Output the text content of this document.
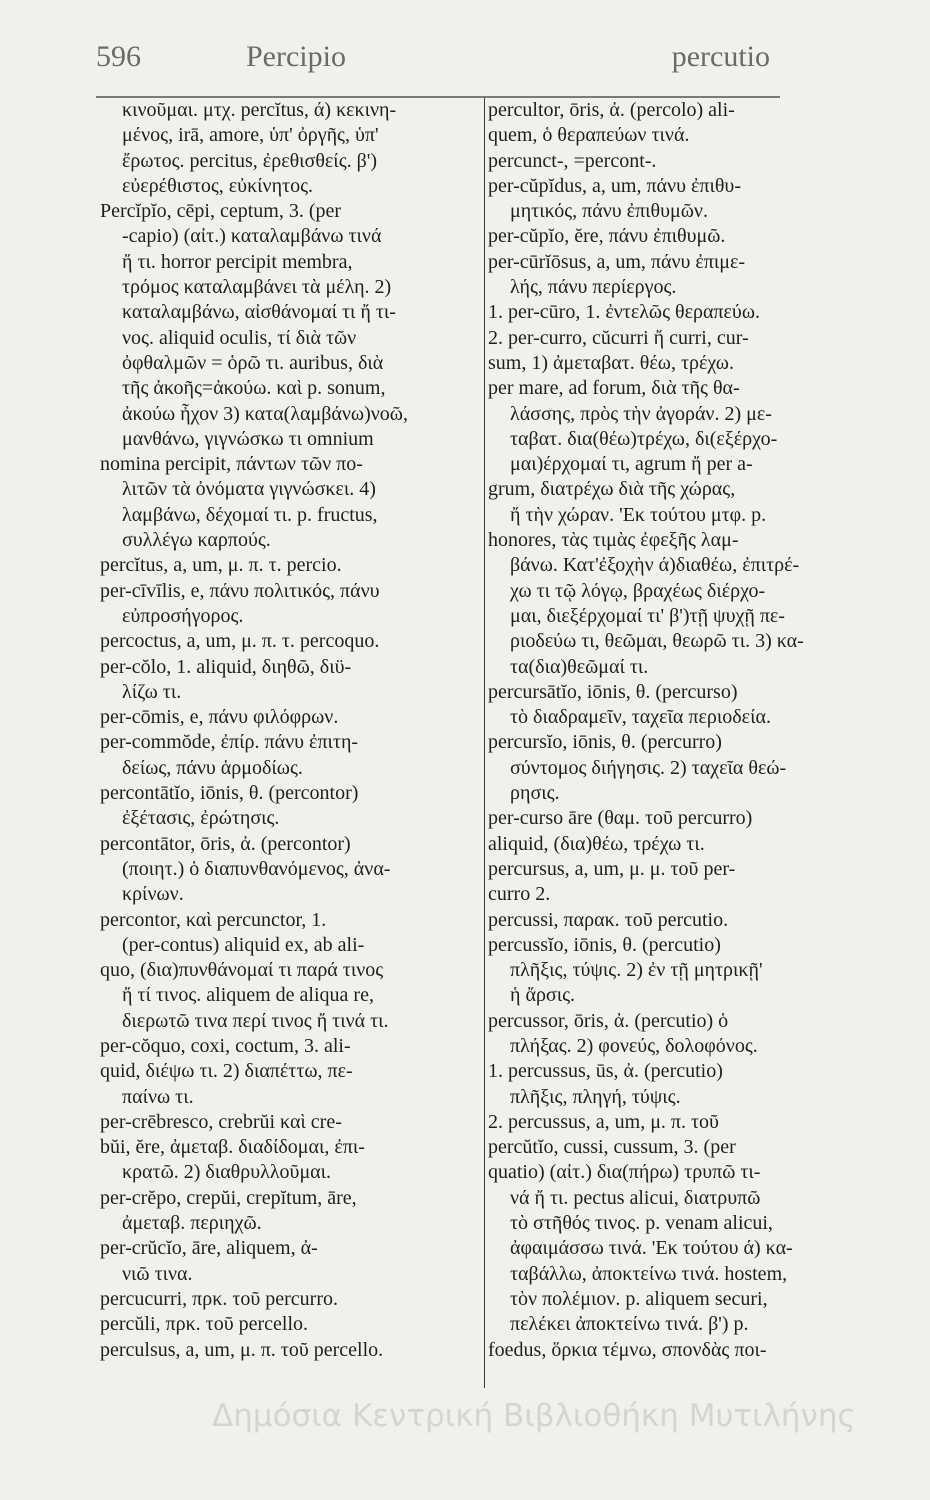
596	Percipio	percutio
κινοῦμαι. μτχ. percĭtus, ά) κεκινη-
μένος, irā, amore, ὑπ' ὀργῆς, ὑπ'
ἔρωτος. percitus, ἐρεθισθείς. β')
εὐερέθιστος, εὐκίνητος.
Percĭpĭo, cēpi, ceptum, 3. (per
-capio) (αἰτ.) καταλαμβάνω τινά
ἤ τι. horror percipit membra,
τρόμος καταλαμβάνει τὰ μέλη. 2)
καταλαμβάνω, αἰσθάνομαί τι ἤ τι-
νος. aliquid oculis, τί διὰ τῶν
ὀφθαλμῶν = ὁρῶ τι. auribus, διὰ
τῆς ἀκοῆς=ἀκούω. καὶ p. sonum,
ἀκούω ἦχον 3) κατα(λαμβάνω)νοῶ,
μανθάνω, γιγνώσκω τι omnium
nomina percipit, πάντων τῶν πο-
λιτῶν τὰ ὀνόματα γιγνώσκει. 4)
λαμβάνω, δέχομαί τι. p. fructus,
συλλέγω καρπούς.
percĭtus, a, um, μ. π. τ. percio.
per-cīvīlis, e, πάνυ πολιτικός, πάνυ
εὐπροσήγορος.
percoctus, a, um, μ. π. τ. percoquo.
per-cŏlo, 1. aliquid, διηθῶ, διϋ-
λίζω τι.
per-cōmis, e, πάνυ φιλόφρων.
per-commŏde, ἐπίρ. πάνυ ἐπιτη-
δείως, πάνυ ἁρμοδίως.
percontātĭo, iōnis, θ. (percontor)
ἐξέτασις, ἐρώτησις.
percontātor, ōris, ἀ. (percontor)
(ποιητ.) ὁ διαπυνθανόμενος, ἀνα-
κρίνων.
percontor, καὶ percunctor, 1.
(per-contus) aliquid ex, ab ali-
quo, (δια)πυνθάνομαί τι παρά τινος
ἤ τί τινος. aliquem de aliqua re,
διερωτῶ τινα περί τινος ἤ τινά τι.
per-cŏquo, coxi, coctum, 3. ali-
quid, διέψω τι. 2) διαπέττω, πε-
παίνω τι.
per-crēbresco, crebrŭi καὶ cre-
bŭi, ĕre, ἀμεταβ. διαδίδομαι, ἐπι-
κρατῶ. 2) διαθρυλλοῦμαι.
per-crĕpo, crepŭi, crepĭtum, āre,
ἀμεταβ. περιηχῶ.
per-crŭcĭo, āre, aliquem, ἀ-
νιῶ τινα.
percucurri, πρκ. τοῦ percurro.
percŭli, πρκ. τοῦ percello.
perculsus, a, um, μ. π. τοῦ percello.
percultor, ōris, ἀ. (percolo) ali-
quem, ὁ θεραπεύων τινά.
percunct-, =percont-.
per-cŭpĭdus, a, um, πάνυ ἐπιθυ-
μητικός, πάνυ ἐπιθυμῶν.
per-cŭpĭo, ĕre, πάνυ ἐπιθυμῶ.
per-cūrĭōsus, a, um, πάνυ ἐπιμε-
λής, πάνυ περίεργος.
1. per-cūro, 1. ἐντελῶς θεραπεύω.
2. per-curro, cŭcurri ἤ curri, cur-
sum, 1) ἀμεταβατ. θέω, τρέχω.
per mare, ad forum, διὰ τῆς θα-
λάσσης, πρὸς τὴν ἀγοράν. 2) με-
ταβατ. δια(θέω)τρέχω, δι(εξέρχο-
μαι)έρχομαί τι, agrum ἤ per a-
grum, διατρέχω διὰ τῆς χώρας,
ἤ τὴν χώραν. 'Εκ τούτου μτφ. p.
honores, τὰς τιμὰς ἐφεξῆς λαμ-
βάνω. Κατ'ἐξοχὴν ά)διαθέω, ἐπιτρέ-
χω τι τῷ λόγῳ, βραχέως διέρχο-
μαι, διεξέρχομαί τι' β')τῇ ψυχῇ πε-
ριοδεύω τι, θεῶμαι, θεωρῶ τι. 3) κα-
τα(δια)θεῶμαί τι.
percursātĭo, iōnis, θ. (percurso)
τὸ διαδραμεῖν, ταχεῖα περιοδεία.
percursĭo, iōnis, θ. (percurro)
σύντομος διήγησις. 2) ταχεῖα θεώ-
ρησις.
per-curso āre (θαμ. τοῦ percurro)
aliquid, (δια)θέω, τρέχω τι.
percursus, a, um, μ. μ. τοῦ per-
curro 2.
percussi, παρακ. τοῦ percutio.
percussĭo, iōnis, θ. (percutio)
πλῆξις, τύψις. 2) ἐν τῇ μητρικῇ'
ἡ ἄρσις.
percussor, ōris, ἀ. (percutio) ὁ
πλήξας. 2) φονεύς, δολοφόνος.
1. percussus, ūs, ἀ. (percutio)
πλῆξις, πληγή, τύψις.
2. percussus, a, um, μ. π. τοῦ
percŭtĭo, cussi, cussum, 3. (per
quatio) (αἰτ.) δια(πήρω) τρυπῶ τι-
νά ἤ τι. pectus alicui, διατρυπῶ
τὸ στῆθός τινος. p. venam alicui,
ἀφαιμάσσω τινά. 'Εκ τούτου ά) κα-
ταβάλλω, ἀποκτείνω τινά. hostem,
τὸν πολέμιον. p. aliquem securi,
πελέκει ἀποκτείνω τινά. β') p.
foedus, ὅρκια τέμνω, σπονδὰς ποι-
Δημόσια Κεντρική Βιβλιοθήκη Μυτιλήνης
